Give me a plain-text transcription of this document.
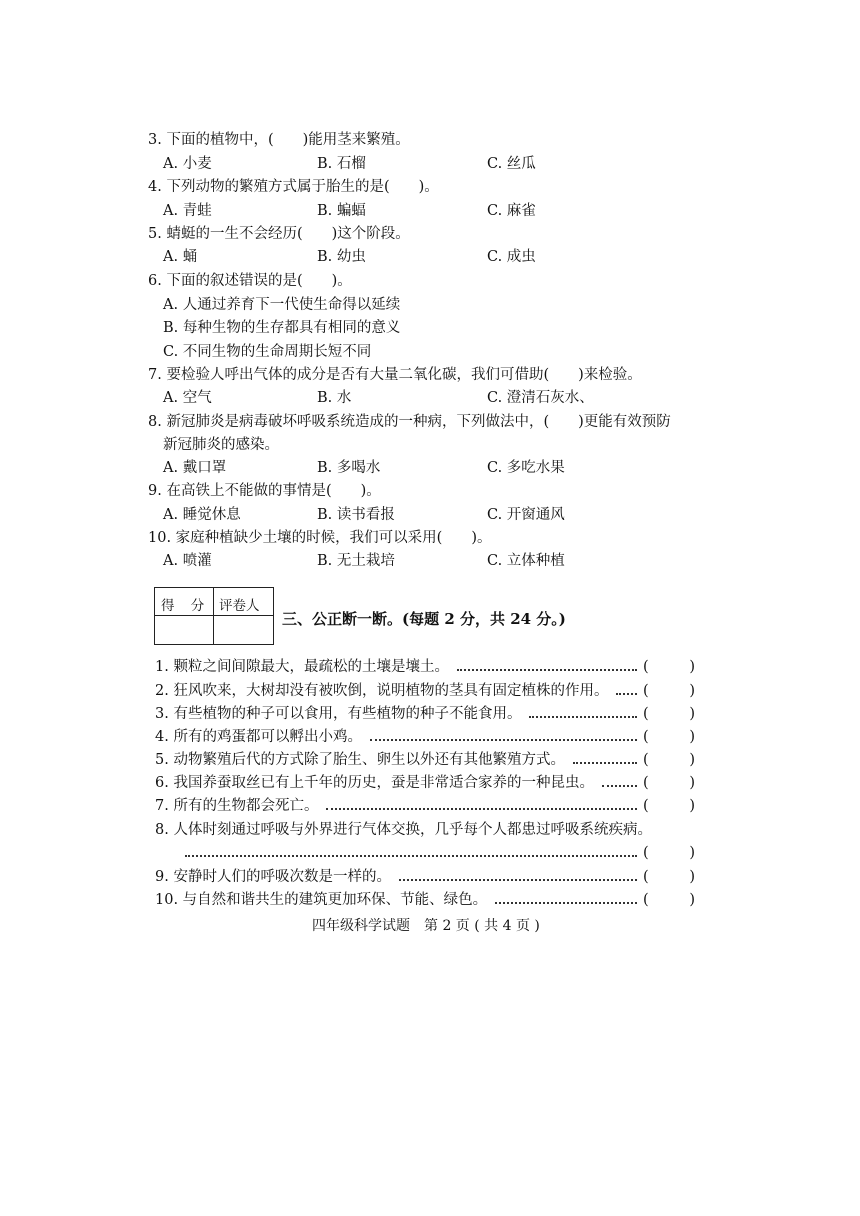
3. 下面的植物中，(　　)能用茎来繁殖。
A. 小麦	B. 石榴	C. 丝瓜
4. 下列动物的繁殖方式属于胎生的是(　　)。
A. 青蛙	B. 蝙蝠	C. 麻雀
5. 蜻蜓的一生不会经历(　　)这个阶段。
A. 蛹	B. 幼虫	C. 成虫
6. 下面的叙述错误的是(　　)。
A. 人通过养育下一代使生命得以延续
B. 每种生物的生存都具有相同的意义
C. 不同生物的生命周期长短不同
7. 要检验人呼出气体的成分是否有大量二氧化碳，我们可借助(　　)来检验。
A. 空气	B. 水	C. 澄清石灰水、
8. 新冠肺炎是病毒破坏呼吸系统造成的一种病，下列做法中，(　　)更能有效预防
新冠肺炎的感染。
A. 戴口罩	B. 多喝水	C. 多吃水果
9. 在高铁上不能做的事情是(　　)。
A. 睡觉休息	B. 读书看报	C. 开窗通风
10. 家庭种植缺少土壤的时候，我们可以采用(　　)。
A. 喷灌	B. 无土栽培	C. 立体种植
得 分 评卷人
三、公正断一断。(每题 2 分，共 24 分。)
1. 颗粒之间间隙最大，最疏松的土壤是壤土。	(	)
2. 狂风吹来，大树却没有被吹倒，说明植物的茎具有固定植株的作用。 (	)
3. 有些植物的种子可以食用，有些植物的种子不能食用。	(	)
4. 所有的鸡蛋都可以孵出小鸡。	(	)
5. 动物繁殖后代的方式除了胎生、卵生以外还有其他繁殖方式。	(	)
6. 我国养蚕取丝已有上千年的历史，蚕是非常适合家养的一种昆虫。	(	)
7. 所有的生物都会死亡。	(	)
8. 人体时刻通过呼吸与外界进行气体交换，几乎每个人都患过呼吸系统疾病。
(	)
9. 安静时人们的呼吸次数是一样的。	(	)
10. 与自然和谐共生的建筑更加环保、节能、绿色。	(	)
四年级科学试题　第 2 页 ( 共 4 页 )
